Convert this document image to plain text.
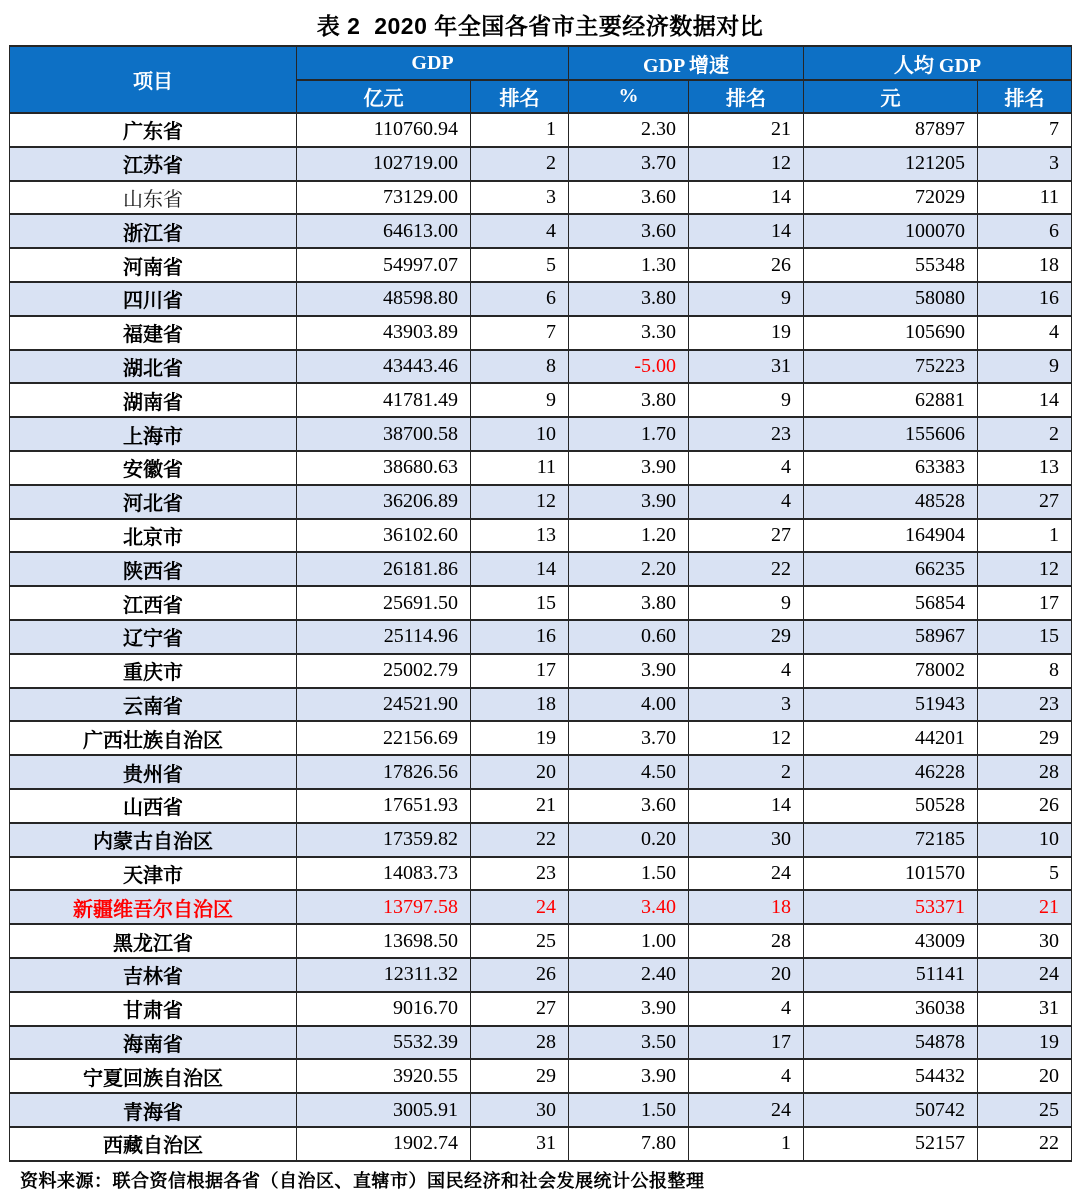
表 2  2020 年全国各省市主要经济数据对比
项目	GDP		GDP 增速		人均 GDP	
	亿元	排名	%	排名	元	排名
广东省	110760.94	1	2.30	21	87897	7
江苏省	102719.00	2	3.70	12	121205	3
山东省	73129.00	3	3.60	14	72029	11
浙江省	64613.00	4	3.60	14	100070	6
河南省	54997.07	5	1.30	26	55348	18
四川省	48598.80	6	3.80	9	58080	16
福建省	43903.89	7	3.30	19	105690	4
湖北省	43443.46	8	-5.00	31	75223	9
湖南省	41781.49	9	3.80	9	62881	14
上海市	38700.58	10	1.70	23	155606	2
安徽省	38680.63	11	3.90	4	63383	13
河北省	36206.89	12	3.90	4	48528	27
北京市	36102.60	13	1.20	27	164904	1
陕西省	26181.86	14	2.20	22	66235	12
江西省	25691.50	15	3.80	9	56854	17
辽宁省	25114.96	16	0.60	29	58967	15
重庆市	25002.79	17	3.90	4	78002	8
云南省	24521.90	18	4.00	3	51943	23
广西壮族自治区	22156.69	19	3.70	12	44201	29
贵州省	17826.56	20	4.50	2	46228	28
山西省	17651.93	21	3.60	14	50528	26
内蒙古自治区	17359.82	22	0.20	30	72185	10
天津市	14083.73	23	1.50	24	101570	5
新疆维吾尔自治区	13797.58	24	3.40	18	53371	21
黑龙江省	13698.50	25	1.00	28	43009	30
吉林省	12311.32	26	2.40	20	51141	24
甘肃省	9016.70	27	3.90	4	36038	31
海南省	5532.39	28	3.50	17	54878	19
宁夏回族自治区	3920.55	29	3.90	4	54432	20
青海省	3005.91	30	1.50	24	50742	25
西藏自治区	1902.74	31	7.80	1	52157	22
资料来源：联合资信根据各省（自治区、直辖市）国民经济和社会发展统计公报整理
